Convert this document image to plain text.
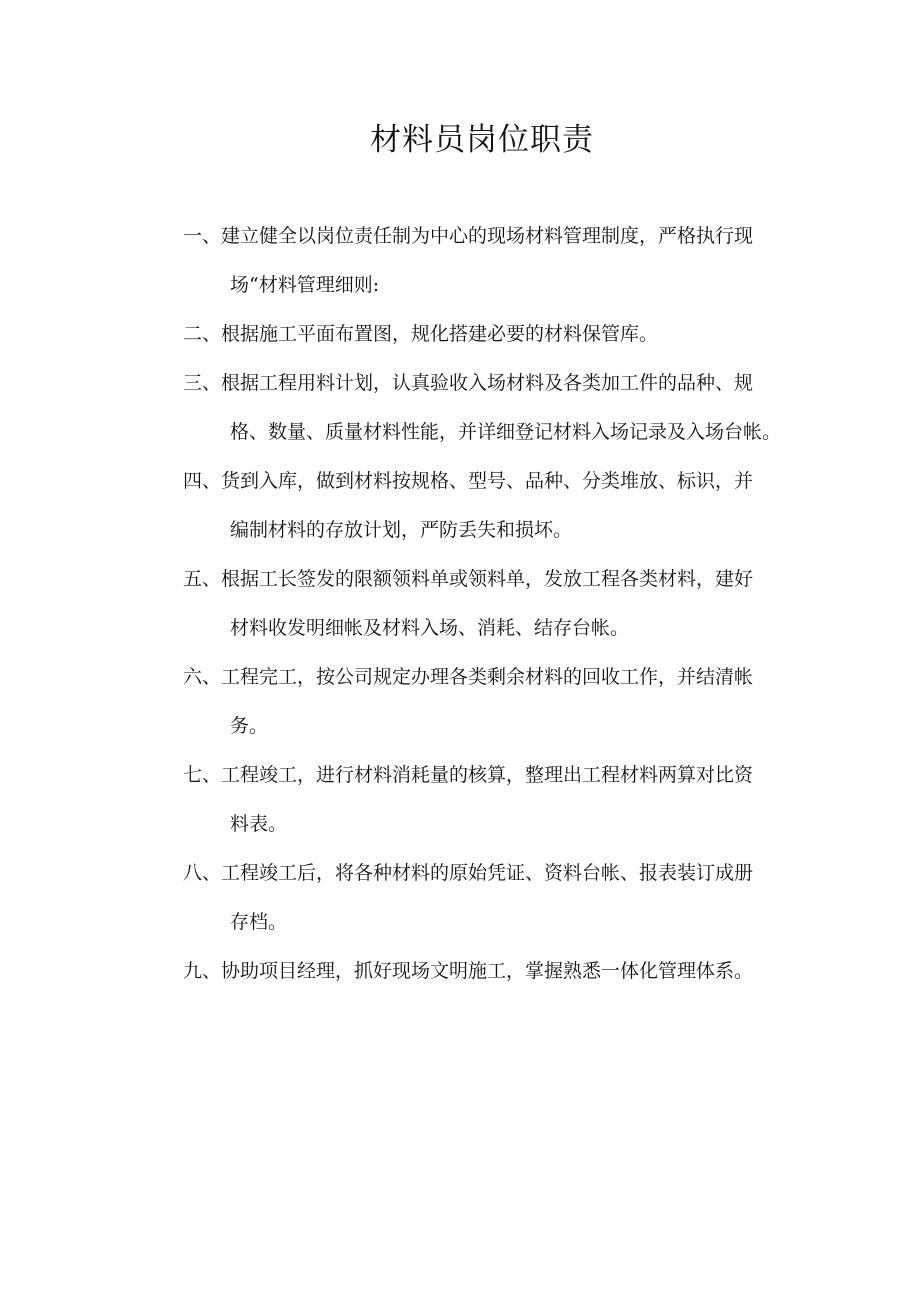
材料员岗位职责
一、建立健全以岗位责任制为中心的现场材料管理制度，严格执行现
场“材料管理细则:
二、根据施工平面布置图，规化搭建必要的材料保管库。
三、根据工程用料计划，认真验收入场材料及各类加工件的品种、规
格、数量、质量材料性能，并详细登记材料入场记录及入场台帐。
四、货到入库，做到材料按规格、型号、品种、分类堆放、标识，并
编制材料的存放计划，严防丢失和损坏。
五、根据工长签发的限额领料单或领料单，发放工程各类材料，建好
材料收发明细帐及材料入场、消耗、结存台帐。
六、工程完工，按公司规定办理各类剩余材料的回收工作，并结清帐
务。
七、工程竣工，进行材料消耗量的核算，整理出工程材料两算对比资
料表。
八、工程竣工后，将各种材料的原始凭证、资料台帐、报表装订成册
存档。
九、协助项目经理，抓好现场文明施工，掌握熟悉一体化管理体系。
